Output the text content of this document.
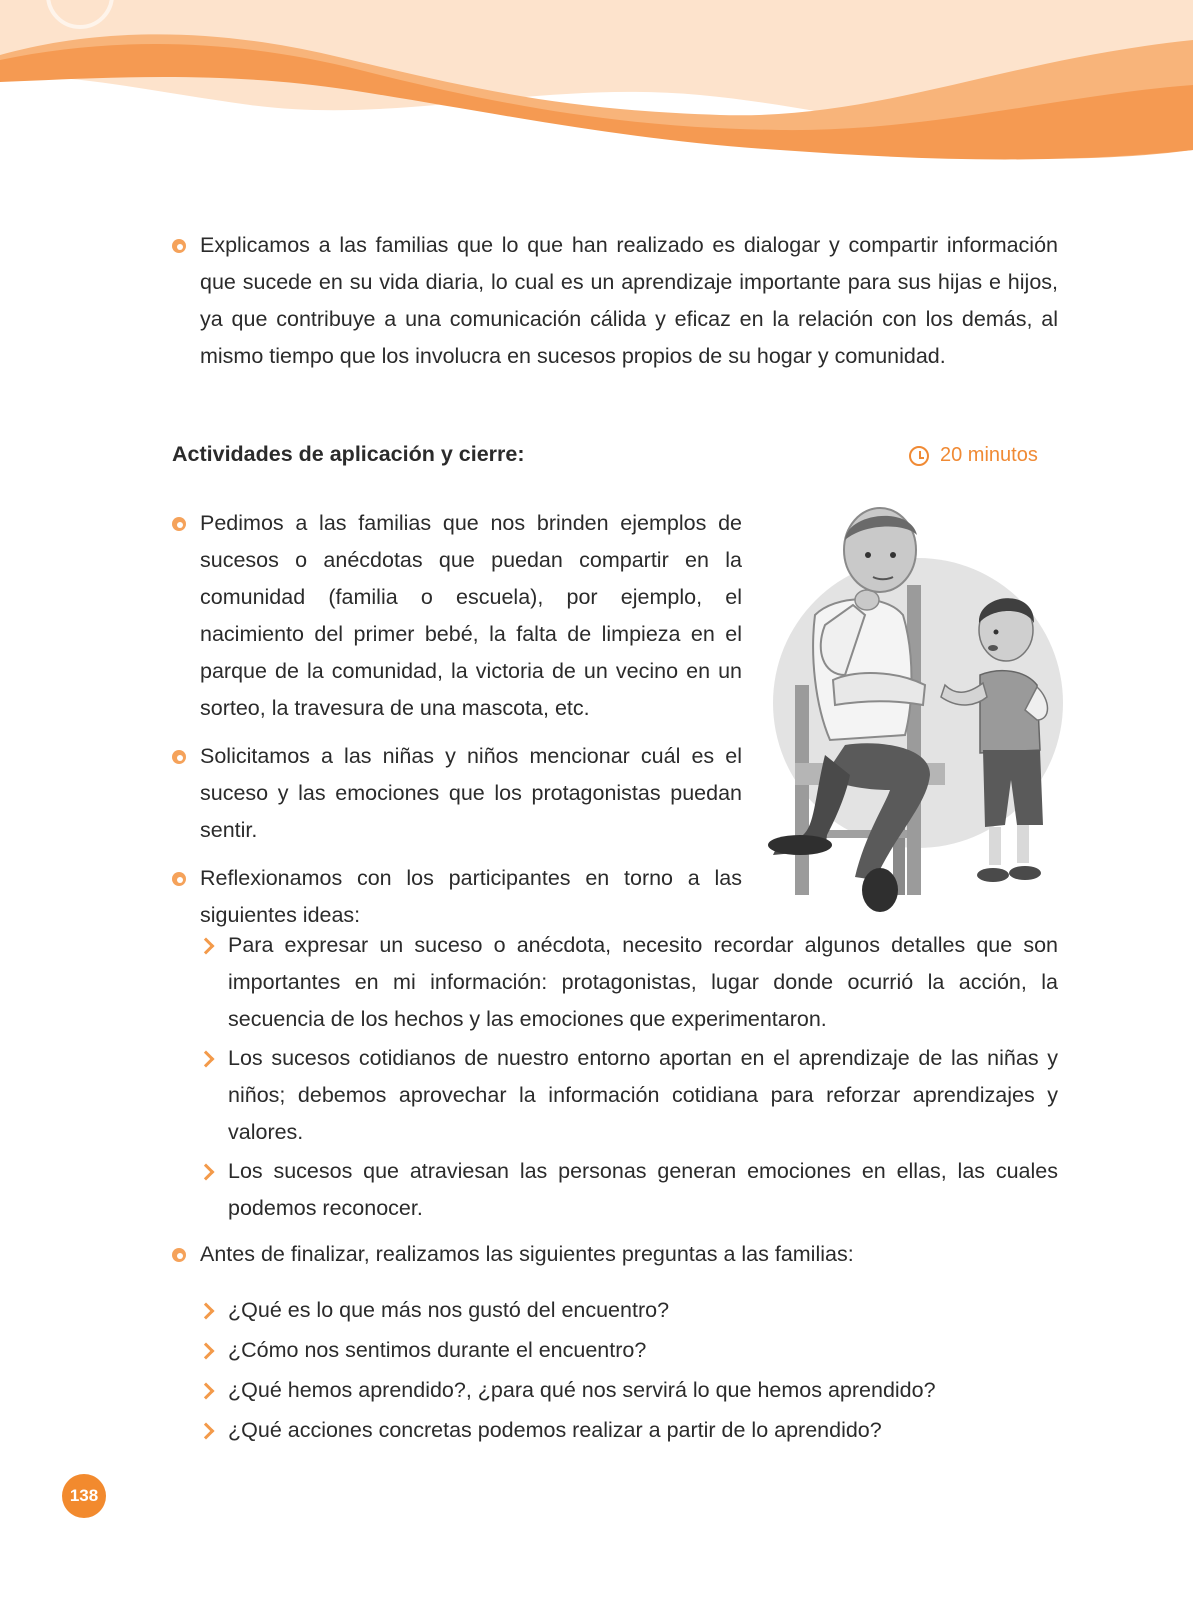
Explicamos a las familias que lo que han realizado es dialogar y compartir información que sucede en su vida diaria, lo cual es un aprendizaje importante para sus hijas e hijos, ya que contribuye a una comunicación cálida y eficaz en la relación con los demás, al mismo tiempo que los involucra en sucesos propios de su hogar y comunidad.
Actividades de aplicación y cierre:	20 minutos
Pedimos a las familias que nos brinden ejemplos de sucesos o anécdotas que puedan compartir en la comunidad (familia o escuela), por ejemplo, el nacimiento del primer bebé, la falta de limpieza en el parque de la comunidad, la victoria de un vecino en un sorteo, la travesura de una mascota, etc.
Solicitamos a las niñas y niños mencionar cuál es el suceso y las emociones que los protagonistas puedan sentir.
Reflexionamos con los participantes en torno a las siguientes ideas:
Para expresar un suceso o anécdota, necesito recordar algunos detalles que son importantes en mi información: protagonistas, lugar donde ocurrió la acción, la secuencia de los hechos y las emociones que experimentaron.
Los sucesos cotidianos de nuestro entorno aportan en el aprendizaje de las niñas y niños; debemos aprovechar la información cotidiana para reforzar aprendizajes y valores.
Los sucesos que atraviesan las personas generan emociones en ellas, las cuales podemos reconocer.
Antes de finalizar, realizamos las siguientes preguntas a las familias:
¿Qué es lo que más nos gustó del encuentro?
¿Cómo nos sentimos durante el encuentro?
¿Qué hemos aprendido?, ¿para qué nos servirá lo que hemos aprendido?
¿Qué acciones concretas podemos realizar a partir de lo aprendido?
138
